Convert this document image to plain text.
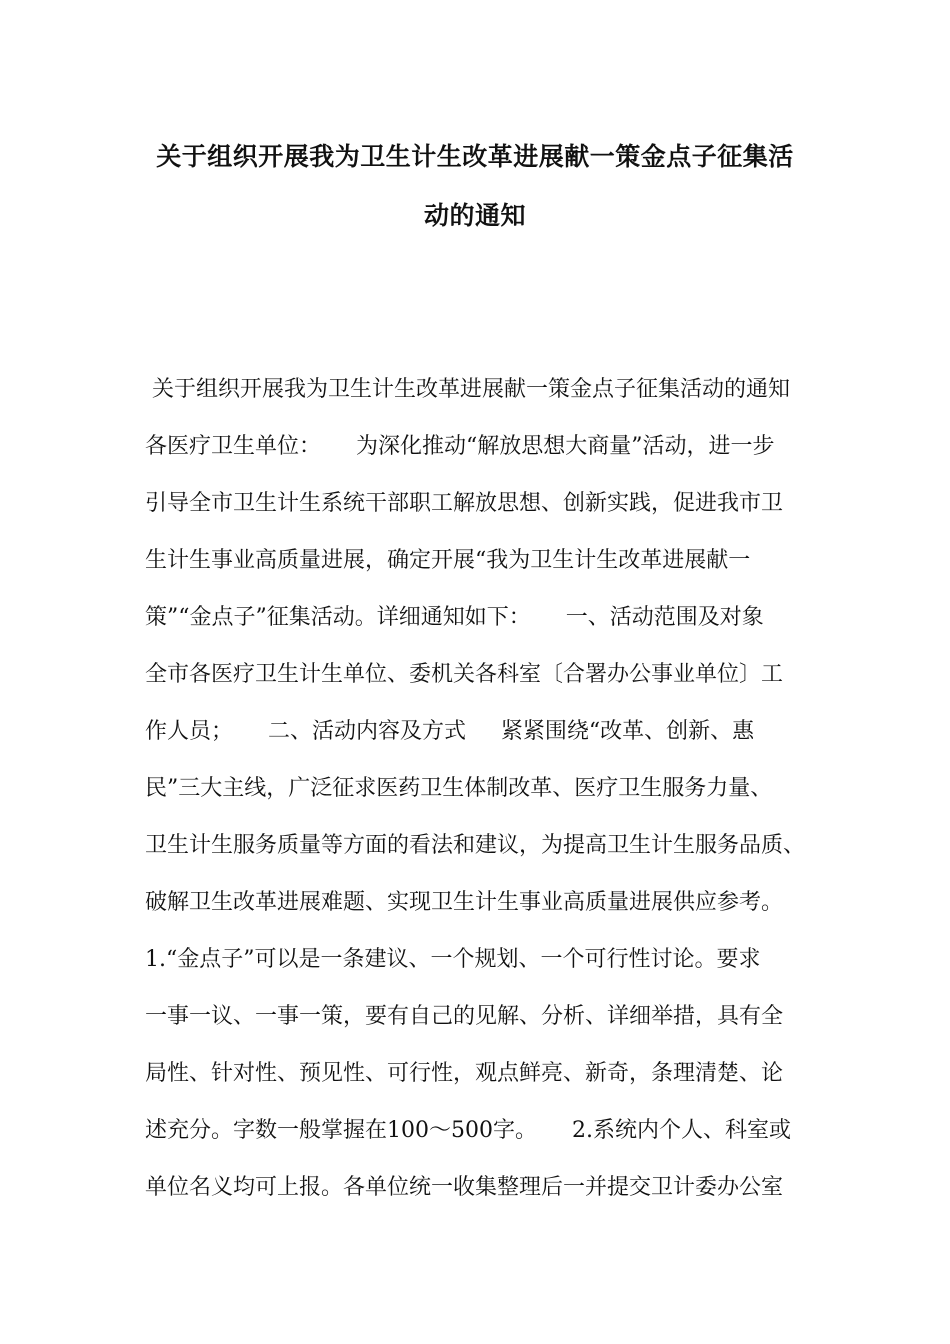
关于组织开展我为卫生计生改革进展献一策金点子征集活
动的通知
关于组织开展我为卫生计生改革进展献一策金点子征集活动的通知
各医疗卫生单位：     为深化推动“解放思想大商量”活动，进一步
引导全市卫生计生系统干部职工解放思想、创新实践，促进我市卫
生计生事业高质量进展，确定开展“我为卫生计生改革进展献一
策”“金点子”征集活动。详细通知如下：     一、活动范围及对象
全市各医疗卫生计生单位、委机关各科室〔合署办公事业单位〕工
作人员；     二、活动内容及方式     紧紧围绕“改革、创新、惠
民”三大主线，广泛征求医药卫生体制改革、医疗卫生服务力量、
卫生计生服务质量等方面的看法和建议，为提高卫生计生服务品质、
破解卫生改革进展难题、实现卫生计生事业高质量进展供应参考。
1.“金点子”可以是一条建议、一个规划、一个可行性讨论。要求
一事一议、一事一策，要有自己的见解、分析、详细举措，具有全
局性、针对性、预见性、可行性，观点鲜亮、新奇，条理清楚、论
述充分。字数一般掌握在100～500字。     2.系统内个人、科室或
单位名义均可上报。各单位统一收集整理后一并提交卫计委办公室
